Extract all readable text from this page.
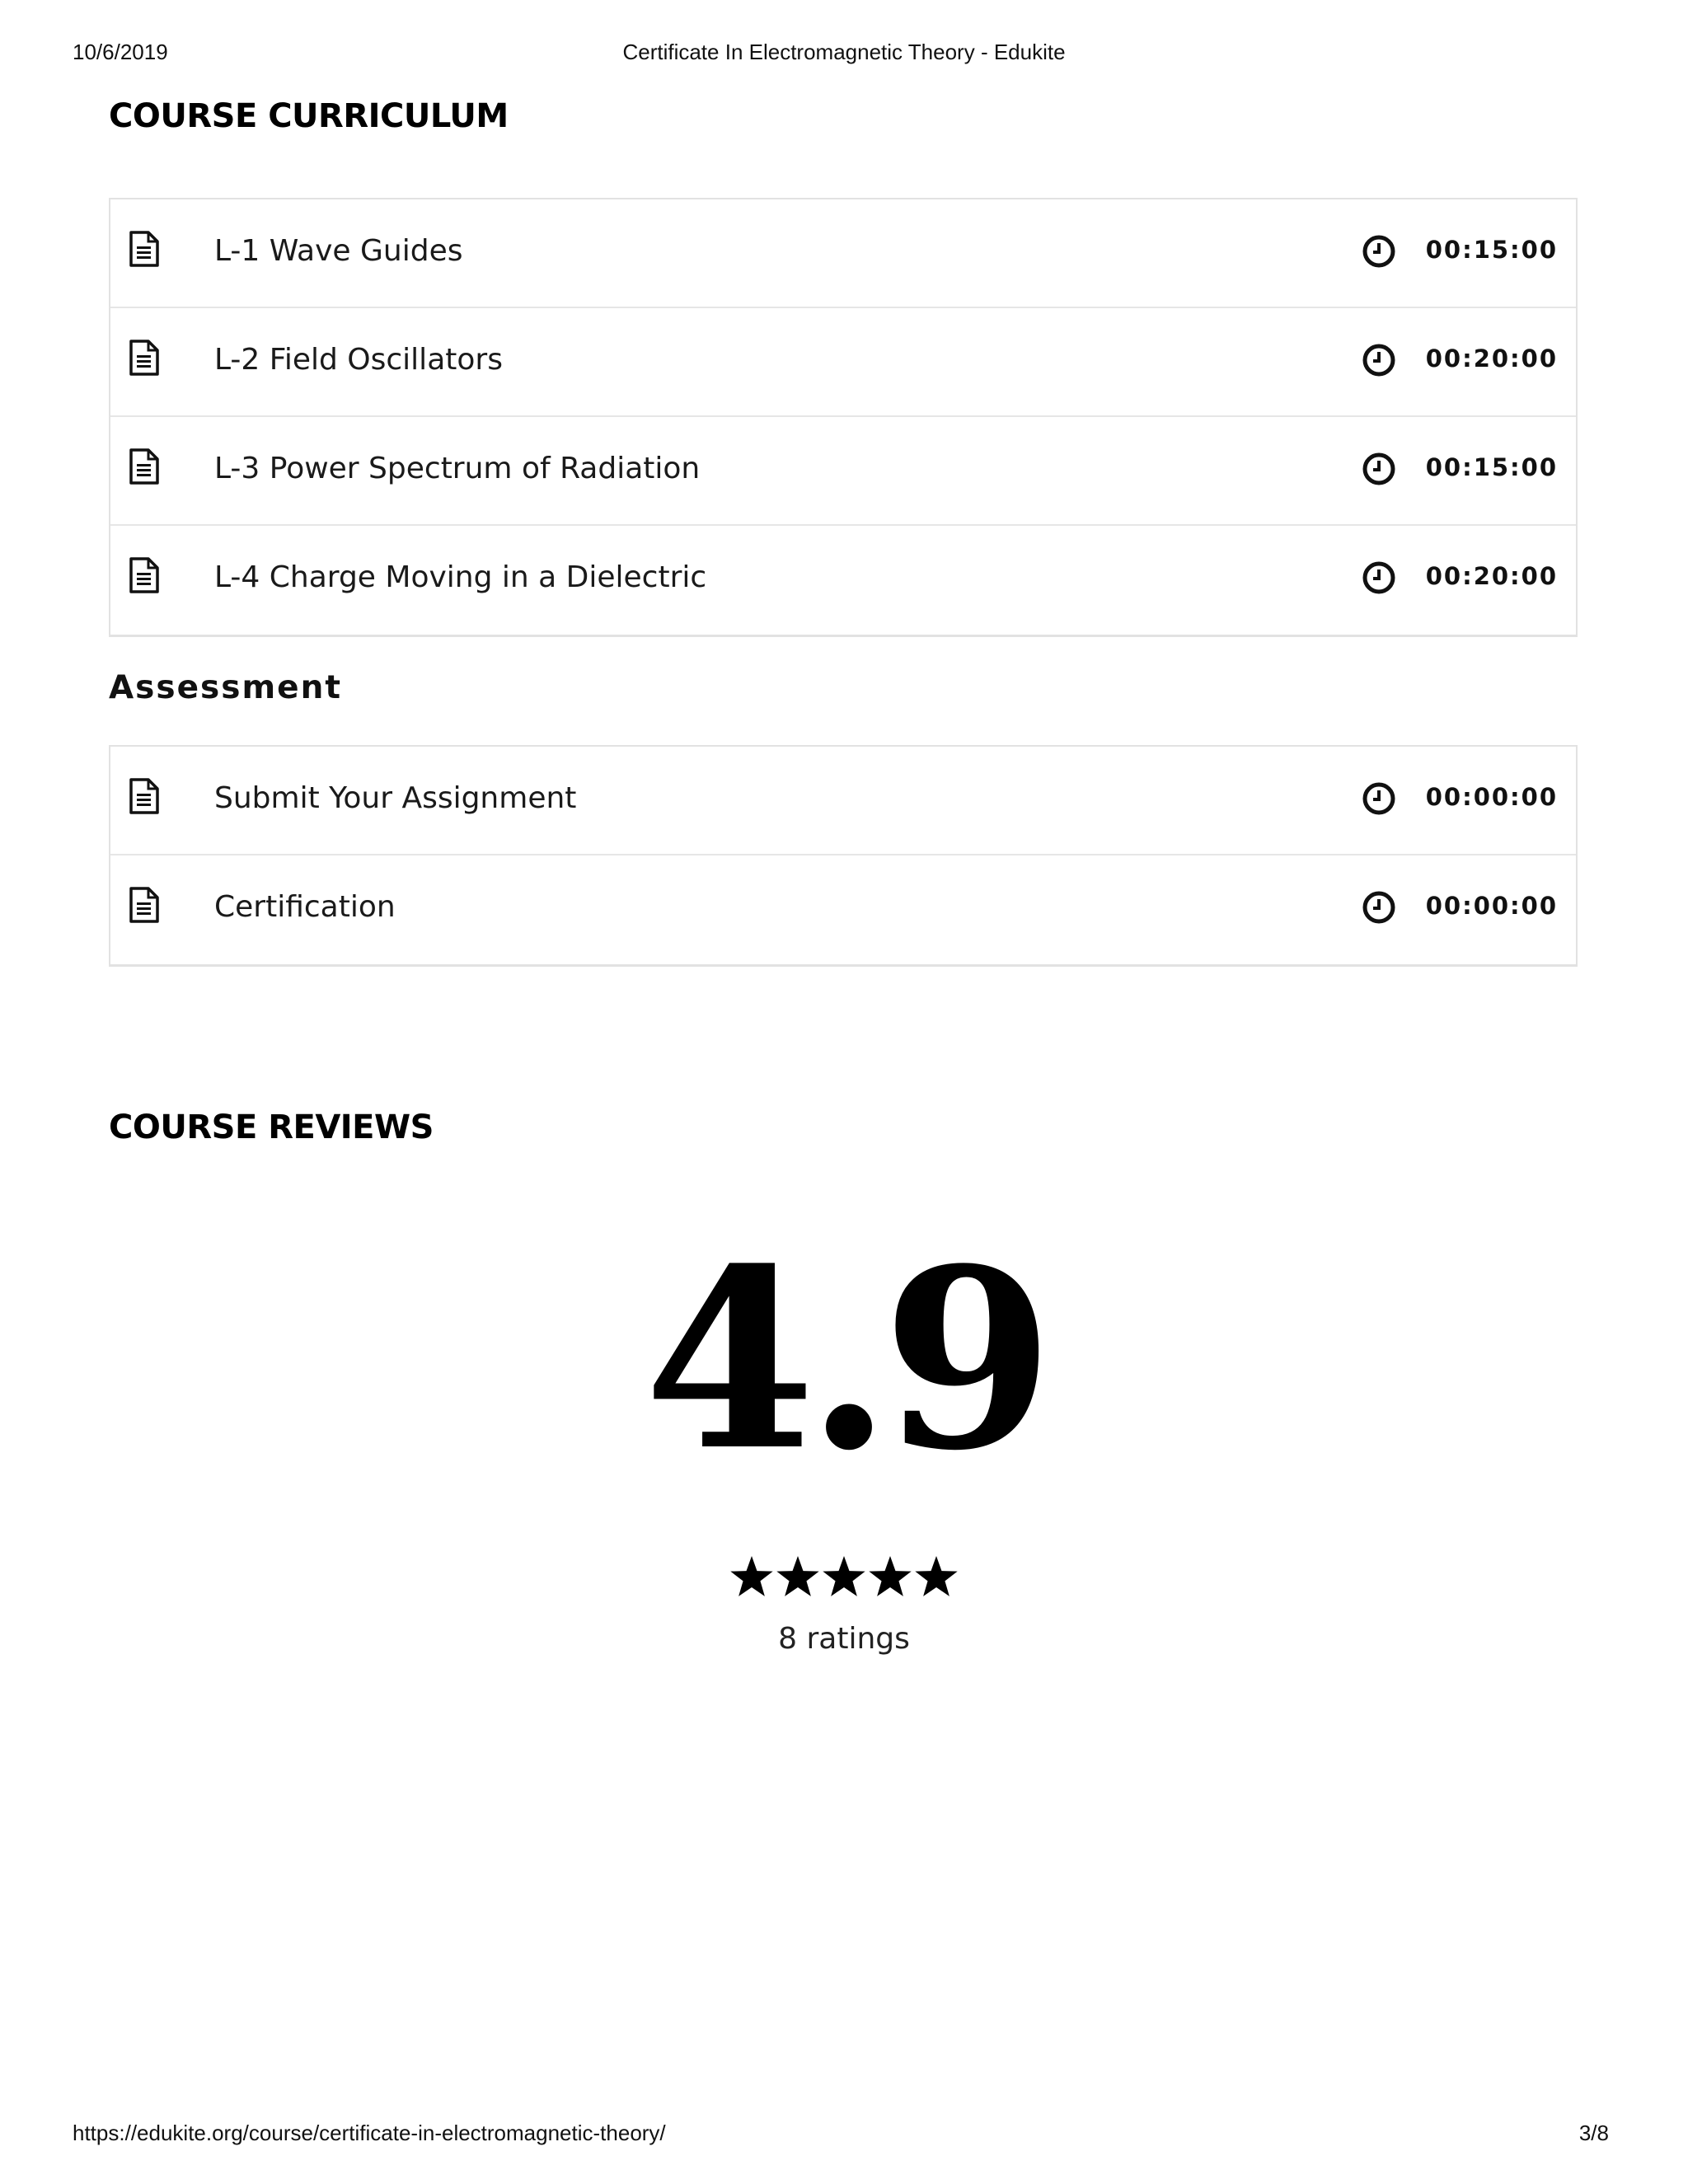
10/6/2019	Certificate In Electromagnetic Theory - Edukite
COURSE CURRICULUM
L-1 Wave Guides	00:15:00
L-2 Field Oscillators	00:20:00
L-3 Power Spectrum of Radiation	00:15:00
L-4 Charge Moving in a Dielectric	00:20:00
Assessment
Submit Your Assignment	00:00:00
Certification	00:00:00
COURSE REVIEWS
4.9
8 ratings
https://edukite.org/course/certificate-in-electromagnetic-theory/	3/8
